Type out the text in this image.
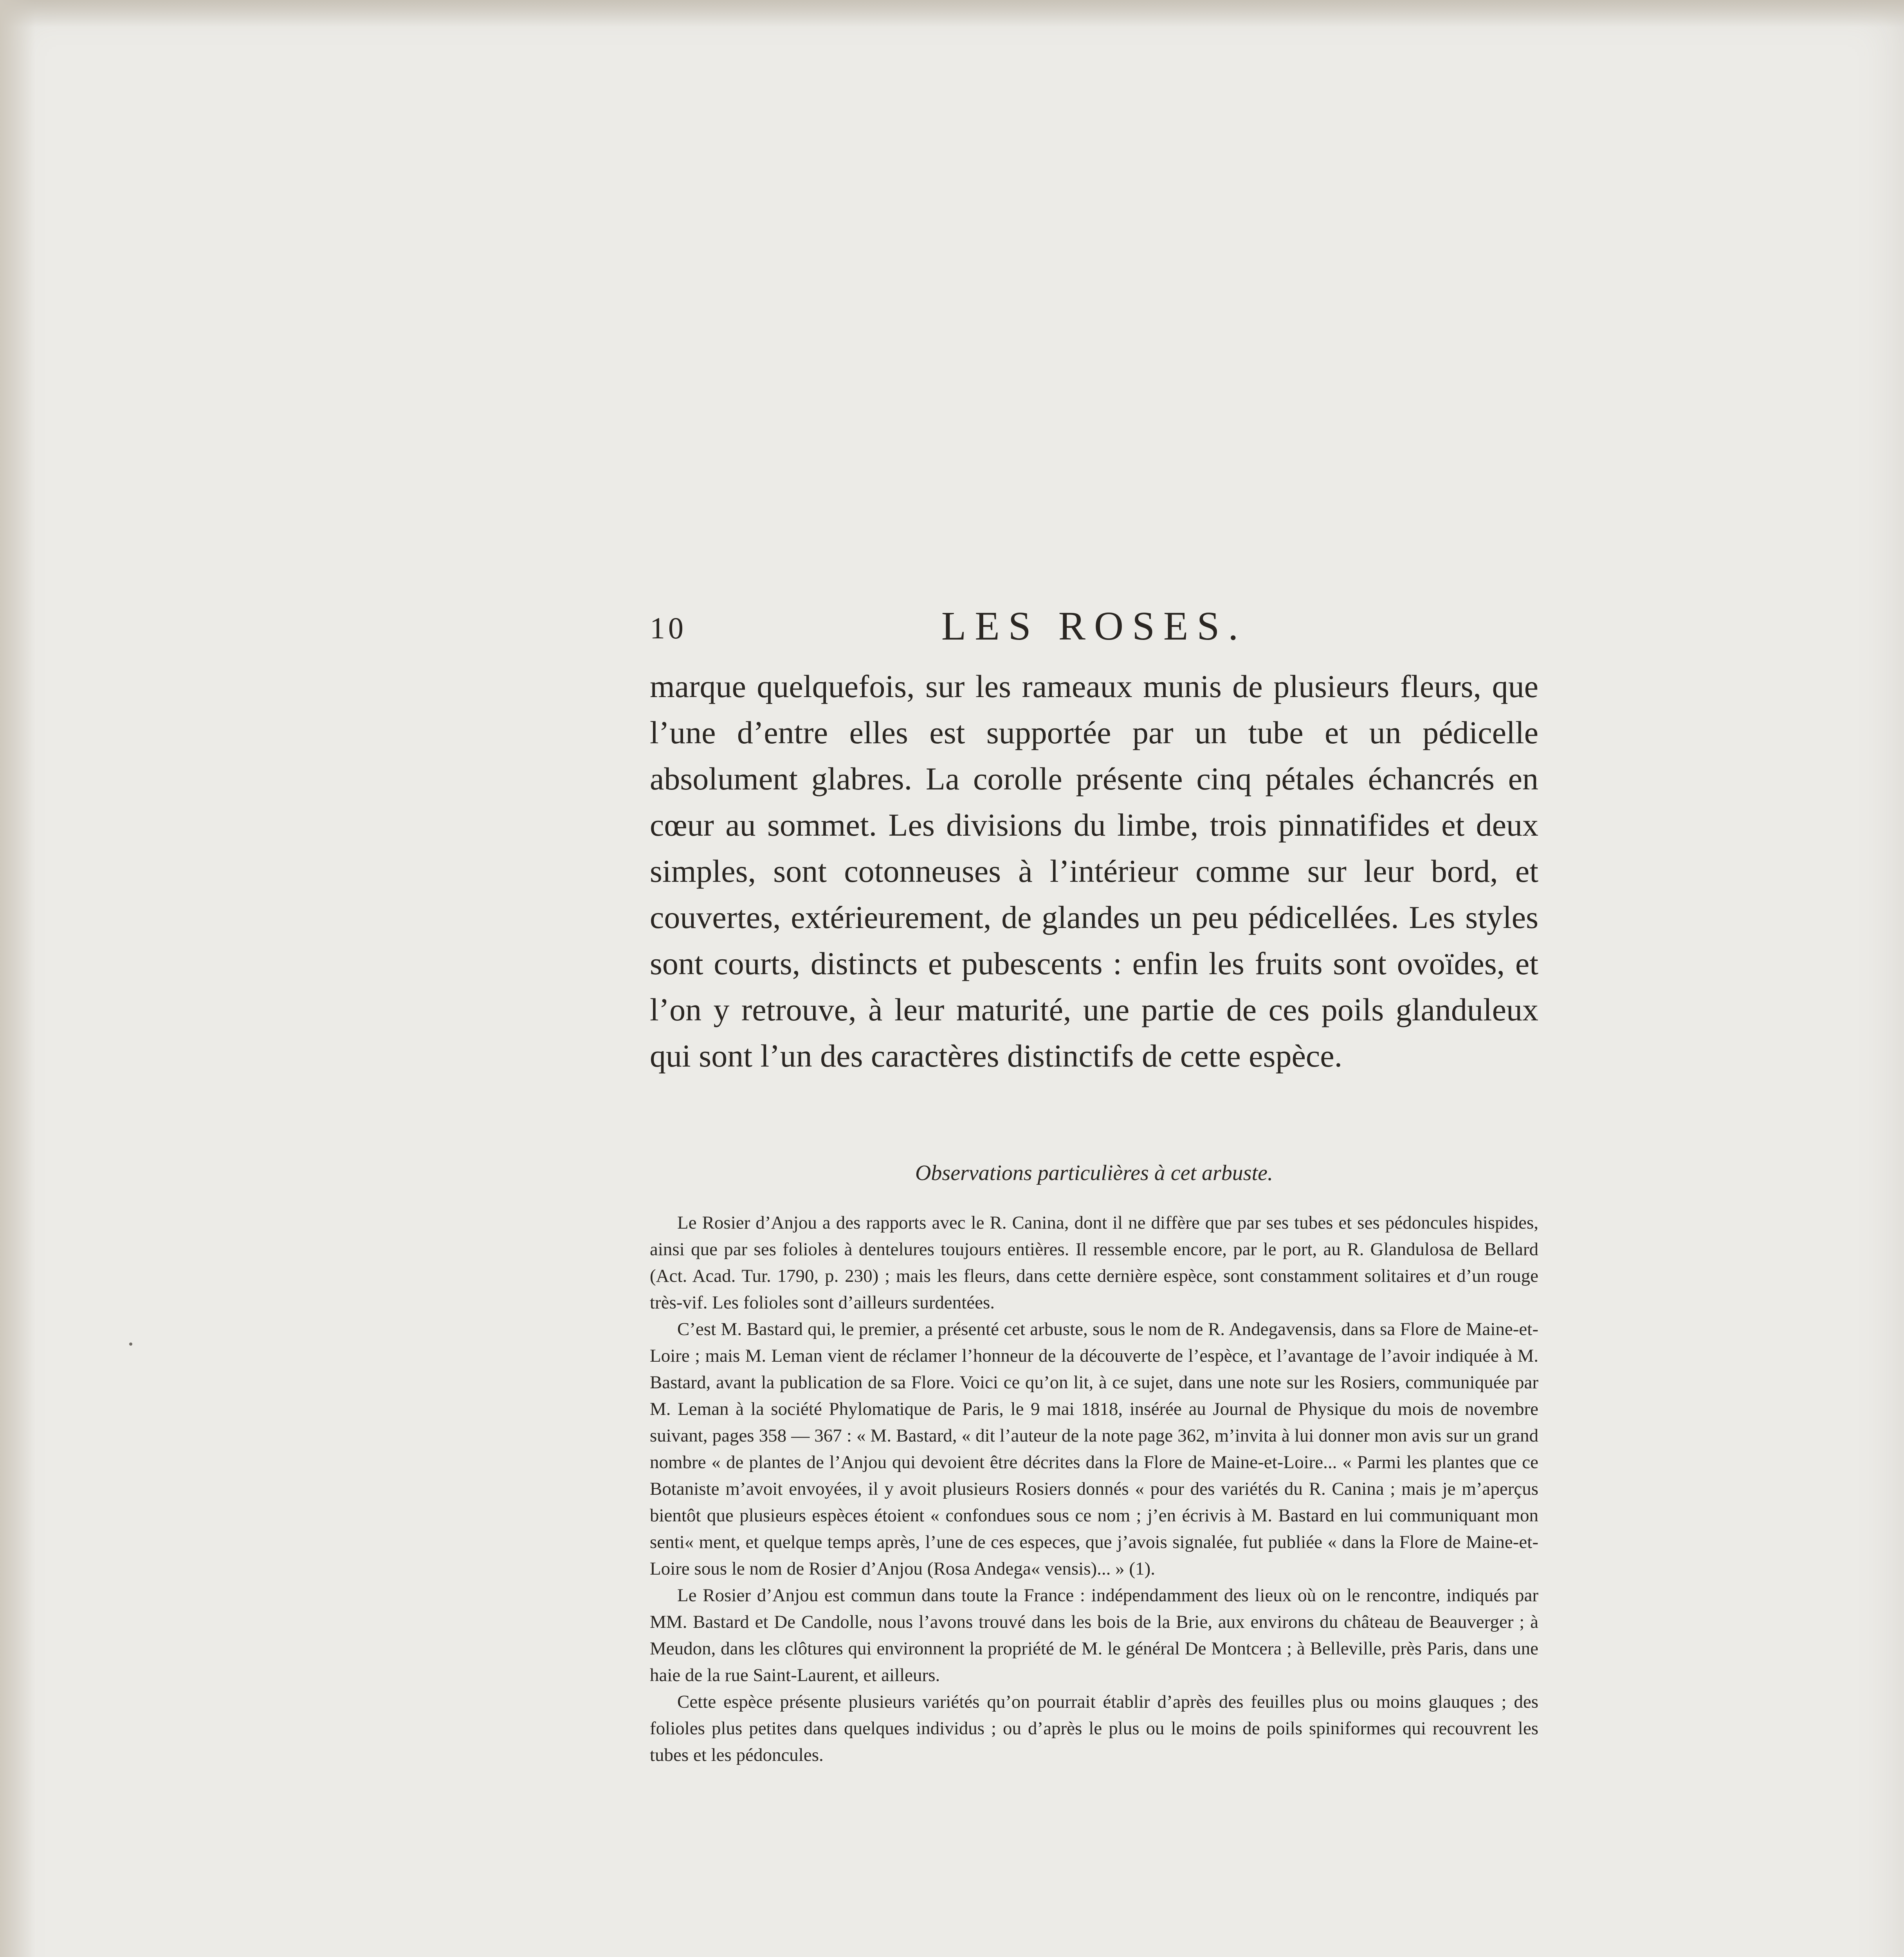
10	LES ROSES.

marque quelquefois, sur les rameaux munis de plusieurs fleurs, que l’une d’entre elles est supportée par un tube et un pédicelle absolument glabres. La corolle présente cinq pétales échancrés en cœur au sommet. Les divisions du limbe, trois pinnatifides et deux simples, sont cotonneuses à l’intérieur comme sur leur bord, et couvertes, extérieurement, de glandes un peu pédicellées. Les styles sont courts, distincts et pubescents : enfin les fruits sont ovoïdes, et l’on y retrouve, à leur maturité, une partie de ces poils glanduleux qui sont l’un des caractères distinctifs de cette espèce.

Observations particulières à cet arbuste.

Le Rosier d’Anjou a des rapports avec le R. Canina, dont il ne diffère que par ses tubes et ses pédoncules hispides, ainsi que par ses folioles à dentelures toujours entières. Il ressemble encore, par le port, au R. Glandulosa de Bellard (Act. Acad. Tur. 1790, p. 230) ; mais les fleurs, dans cette dernière espèce, sont constamment solitaires et d’un rouge très-vif. Les folioles sont d’ailleurs surdentées.

C’est M. Bastard qui, le premier, a présenté cet arbuste, sous le nom de R. Andegavensis, dans sa Flore de Maine-et-Loire ; mais M. Leman vient de réclamer l’honneur de la découverte de l’espèce, et l’avantage de l’avoir indiquée à M. Bastard, avant la publication de sa Flore. Voici ce qu’on lit, à ce sujet, dans une note sur les Rosiers, communiquée par M. Leman à la société Phylomatique de Paris, le 9 mai 1818, insérée au Journal de Physique du mois de novembre suivant, pages 358 — 367 : « M. Bastard, « dit l’auteur de la note page 362, m’invita à lui donner mon avis sur un grand nombre « de plantes de l’Anjou qui devoient être décrites dans la Flore de Maine-et-Loire... « Parmi les plantes que ce Botaniste m’avoit envoyées, il y avoit plusieurs Rosiers donnés « pour des variétés du R. Canina ; mais je m’aperçus bientôt que plusieurs espèces étoient « confondues sous ce nom ; j’en écrivis à M. Bastard en lui communiquant mon senti« ment, et quelque temps après, l’une de ces especes, que j’avois signalée, fut publiée « dans la Flore de Maine-et-Loire sous le nom de Rosier d’Anjou (Rosa Andega« vensis)... » (1).

Le Rosier d’Anjou est commun dans toute la France : indépendamment des lieux où on le rencontre, indiqués par MM. Bastard et De Candolle, nous l’avons trouvé dans les bois de la Brie, aux environs du château de Beauverger ; à Meudon, dans les clôtures qui environnent la propriété de M. le général De Montcera ; à Belleville, près Paris, dans une haie de la rue Saint-Laurent, et ailleurs.

Cette espèce présente plusieurs variétés qu’on pourrait établir d’après des feuilles plus ou moins glauques ; des folioles plus petites dans quelques individus ; ou d’après le plus ou le moins de poils spiniformes qui recouvrent les tubes et les pédoncules.
